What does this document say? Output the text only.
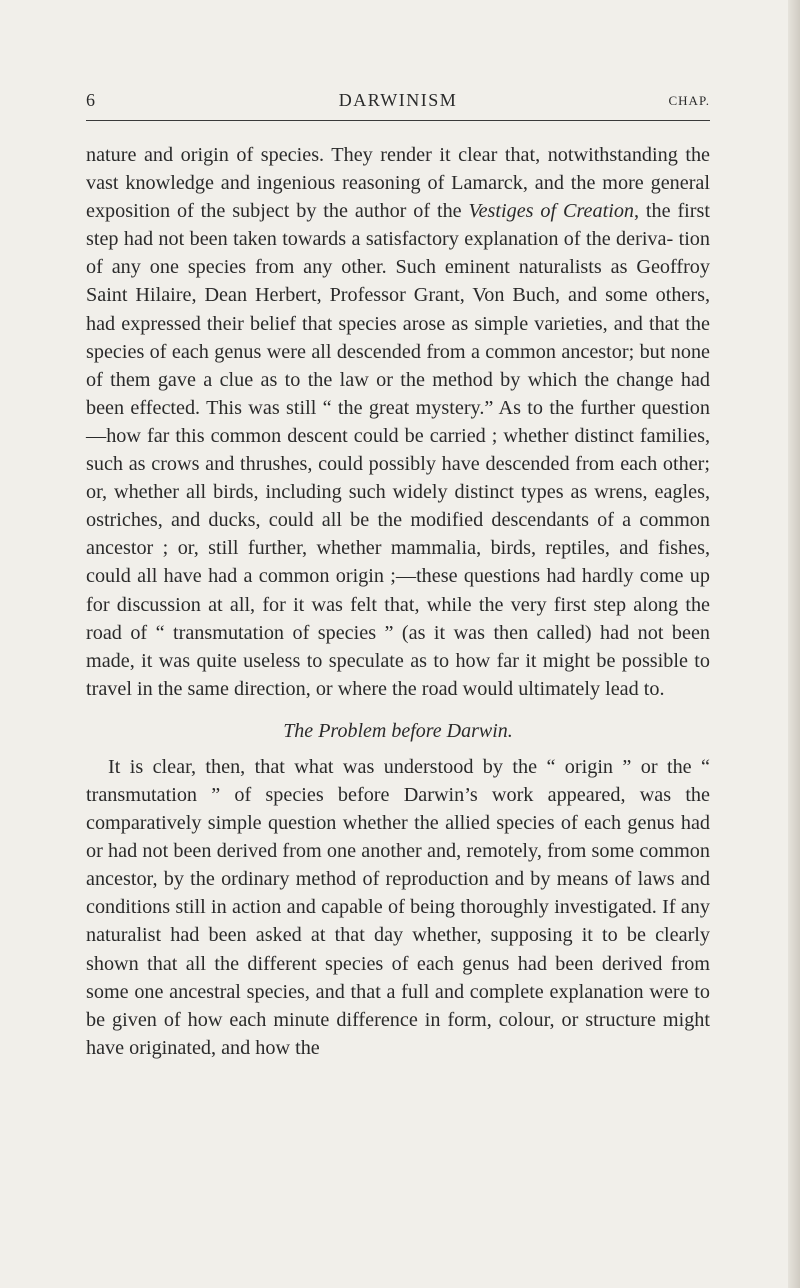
6	DARWINISM	CHAP.

nature and origin of species. They render it clear that, notwithstanding the vast knowledge and ingenious reasoning of Lamarck, and the more general exposition of the subject by the author of the Vestiges of Creation, the first step had not been taken towards a satisfactory explanation of the deriva- tion of any one species from any other. Such eminent naturalists as Geoffroy Saint Hilaire, Dean Herbert, Professor Grant, Von Buch, and some others, had expressed their belief that species arose as simple varieties, and that the species of each genus were all descended from a common ancestor; but none of them gave a clue as to the law or the method by which the change had been effected. This was still “ the great mystery.” As to the further question—how far this common descent could be carried ; whether distinct families, such as crows and thrushes, could possibly have descended from each other; or, whether all birds, including such widely distinct types as wrens, eagles, ostriches, and ducks, could all be the modified descendants of a common ancestor ; or, still further, whether mammalia, birds, reptiles, and fishes, could all have had a common origin ;—these questions had hardly come up for discussion at all, for it was felt that, while the very first step along the road of “ transmutation of species ” (as it was then called) had not been made, it was quite useless to speculate as to how far it might be possible to travel in the same direction, or where the road would ultimately lead to.

The Problem before Darwin.

It is clear, then, that what was understood by the “ origin ” or the “ transmutation ” of species before Darwin’s work appeared, was the comparatively simple question whether the allied species of each genus had or had not been derived from one another and, remotely, from some common ancestor, by the ordinary method of reproduction and by means of laws and conditions still in action and capable of being thoroughly investigated. If any naturalist had been asked at that day whether, supposing it to be clearly shown that all the different species of each genus had been derived from some one ancestral species, and that a full and complete explanation were to be given of how each minute difference in form, colour, or structure might have originated, and how the
